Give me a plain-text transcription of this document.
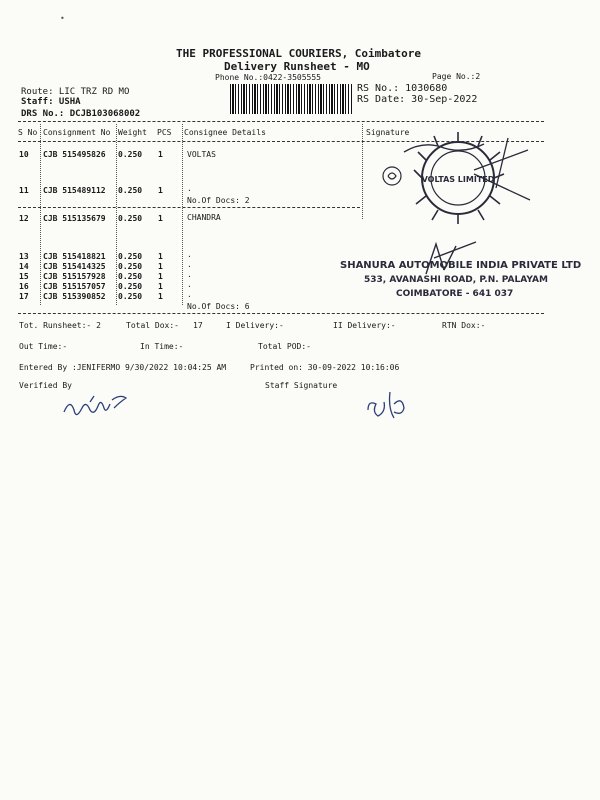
•
THE PROFESSIONAL COURIERS, Coimbatore
Delivery Runsheet - MO
Phone No.:0422-3505555	Page No.:2
Route: LIC TRZ RD MO
Staff: USHA
DRS No.: DCJB103068002
RS No.: 1030680
RS Date: 30-Sep-2022
S No Consignment No Weight PCS Consignee Details	Signature
10 CJB 515495826 0.250 1	VOLTAS
11 CJB 515489112 0.250 1	.
No.Of Docs: 2
12 CJB 515135679 0.250 1	CHANDRA
13 CJB 515418821 0.250 1	.
14 CJB 515414325 0.250 1	.
15 CJB 515157928 0.250 1	.
16 CJB 515157057 0.250 1	.
17 CJB 515390852 0.250 1	.
No.Of Docs: 6
Tot. Runsheet:- 2	Total Dox:- 17	I Delivery:-	II Delivery:-	RTN Dox:-
Out Time:-	In Time:-	Total POD:-
Entered By :JENIFERMO 9/30/2022 10:04:25 AM	Printed on: 30-09-2022 10:16:06
Verified By	Staff Signature
VOLTAS LIMITED
SHANURA AUTOMOBILE INDIA PRIVATE LTD
533, AVANASHI ROAD, P.N. PALAYAM
COIMBATORE - 641 037
